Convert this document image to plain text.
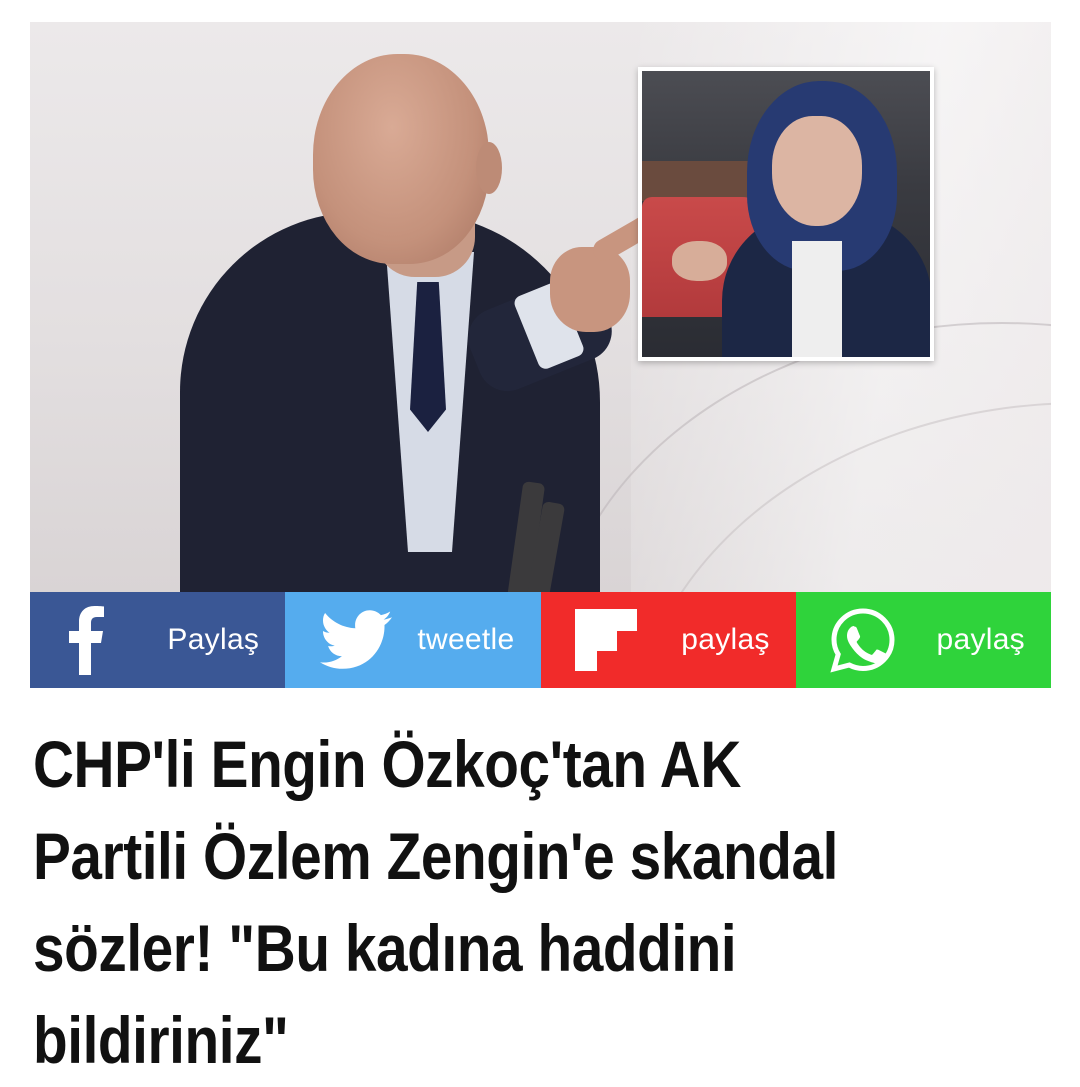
Paylaş	tweetle	paylaş	paylaş
CHP'li Engin Özkoç'tan AK Partili Özlem Zengin'e skandal sözler! "Bu kadına haddini bildiriniz"
